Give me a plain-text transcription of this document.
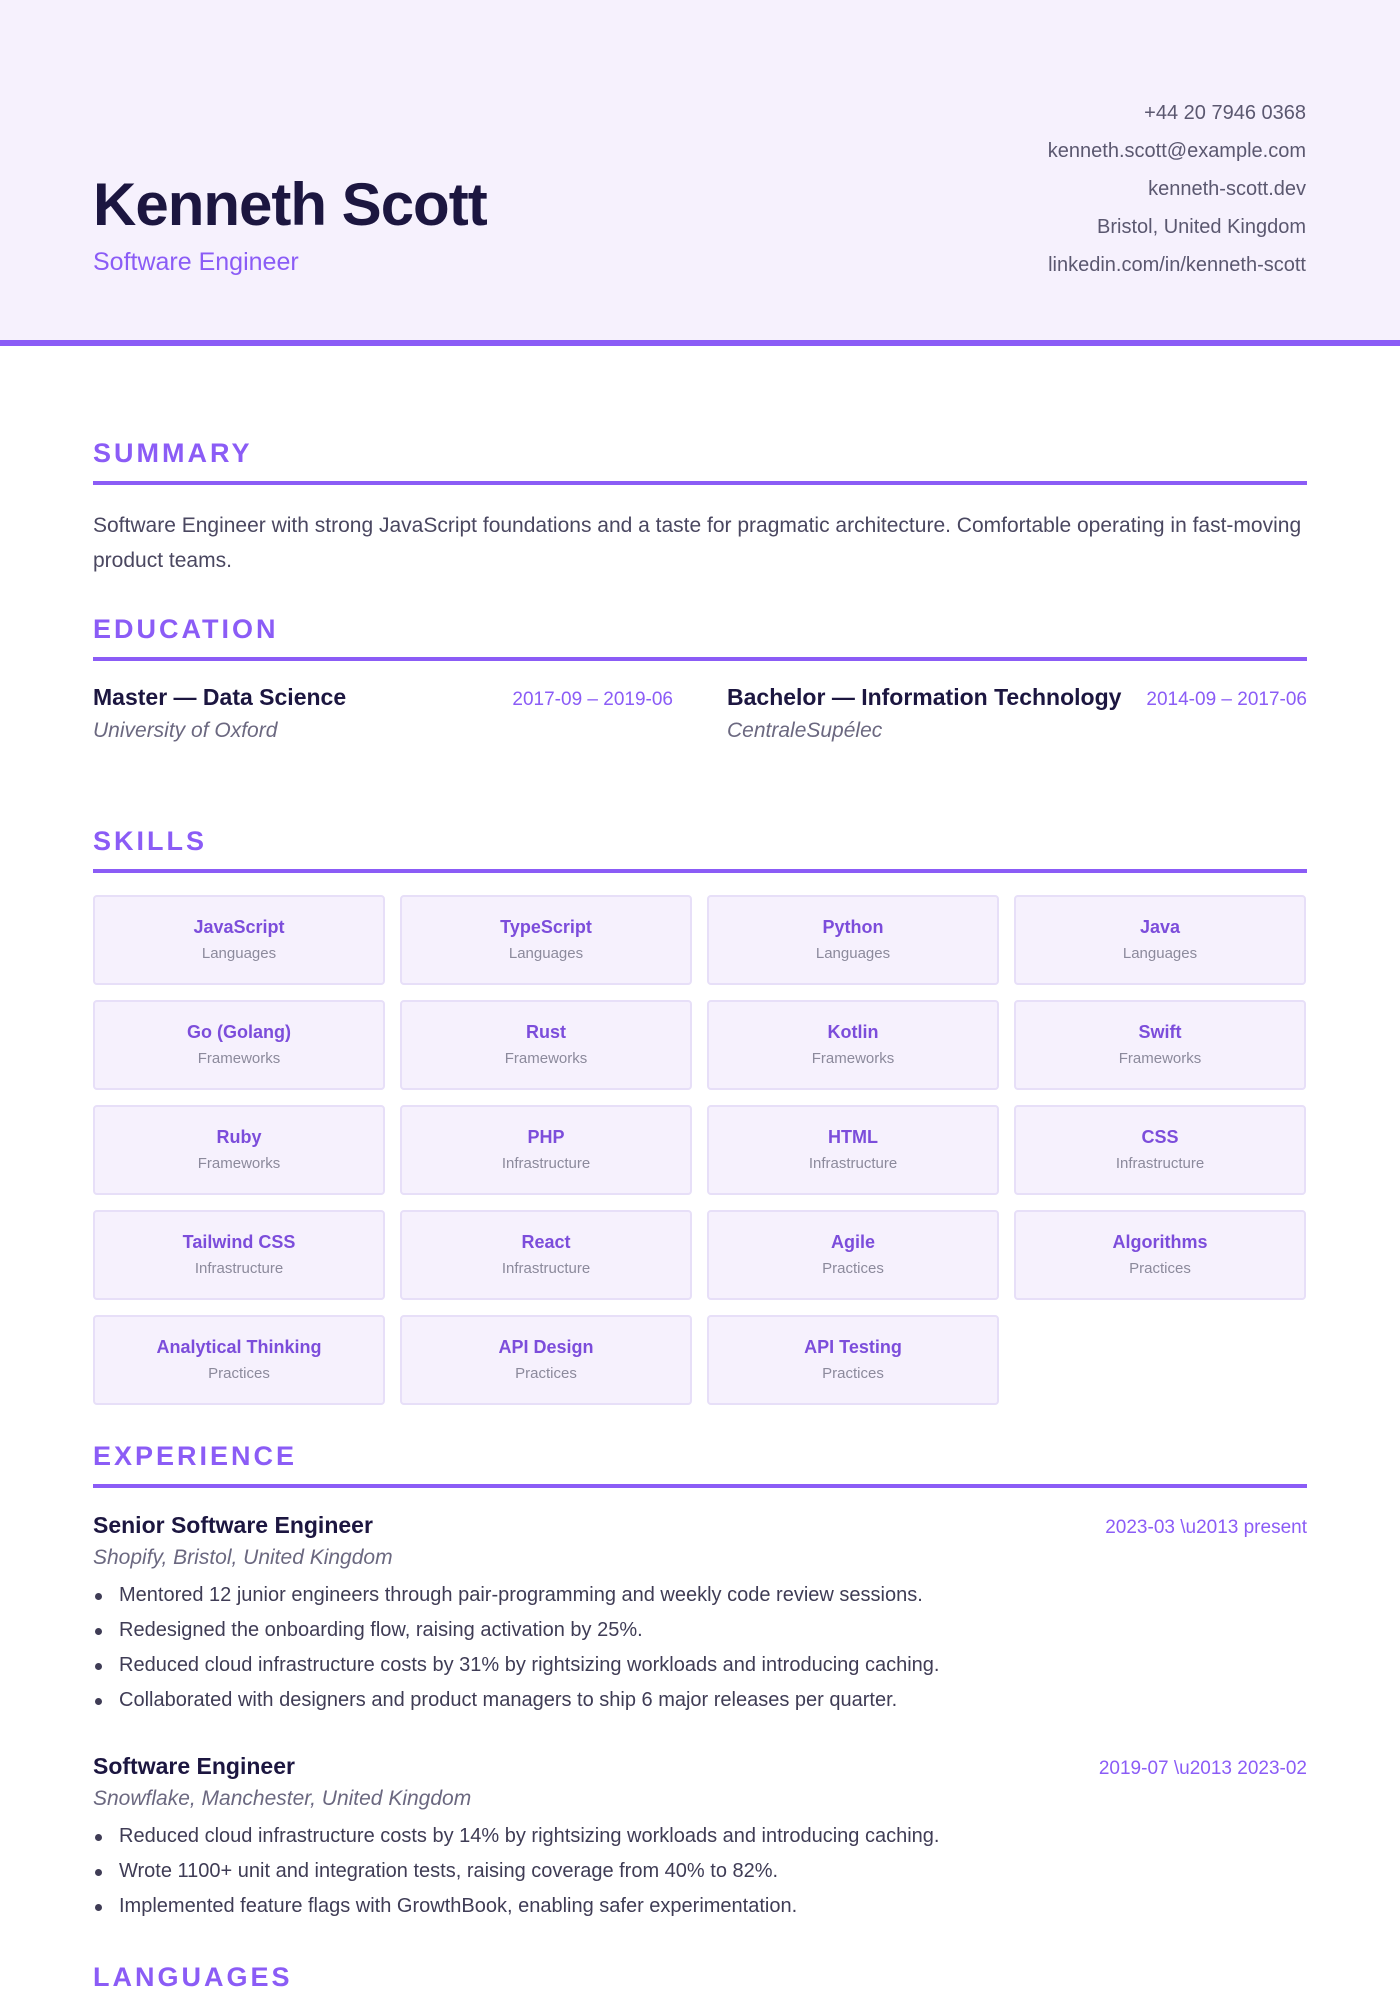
Kenneth Scott
Software Engineer
+44 20 7946 0368
kenneth.scott@example.com
kenneth-scott.dev
Bristol, United Kingdom
linkedin.com/in/kenneth-scott
SUMMARY
Software Engineer with strong JavaScript foundations and a taste for pragmatic architecture. Comfortable operating in fast-moving product teams.
EDUCATION
Master — Data Science	2017-09 – 2019-06
University of Oxford
Bachelor — Information Technology 2014-09 – 2017-06
CentraleSupélec
SKILLS
JavaScript
Languages
TypeScript
Languages
Python
Languages
Java
Languages
Go (Golang)
Frameworks
Rust
Frameworks
Kotlin
Frameworks
Swift
Frameworks
Ruby
Frameworks
PHP
Infrastructure
HTML
Infrastructure
CSS
Infrastructure
Tailwind CSS
Infrastructure
React
Infrastructure
Agile
Practices
Algorithms
Practices
Analytical Thinking
Practices
API Design
Practices
API Testing
Practices
EXPERIENCE
Senior Software Engineer	2023-03 \u2013 present
Shopify, Bristol, United Kingdom
Mentored 12 junior engineers through pair-programming and weekly code review sessions.
Redesigned the onboarding flow, raising activation by 25%.
Reduced cloud infrastructure costs by 31% by rightsizing workloads and introducing caching.
Collaborated with designers and product managers to ship 6 major releases per quarter.
Software Engineer	2019-07 \u2013 2023-02
Snowflake, Manchester, United Kingdom
Reduced cloud infrastructure costs by 14% by rightsizing workloads and introducing caching.
Wrote 1100+ unit and integration tests, raising coverage from 40% to 82%.
Implemented feature flags with GrowthBook, enabling safer experimentation.
LANGUAGES
